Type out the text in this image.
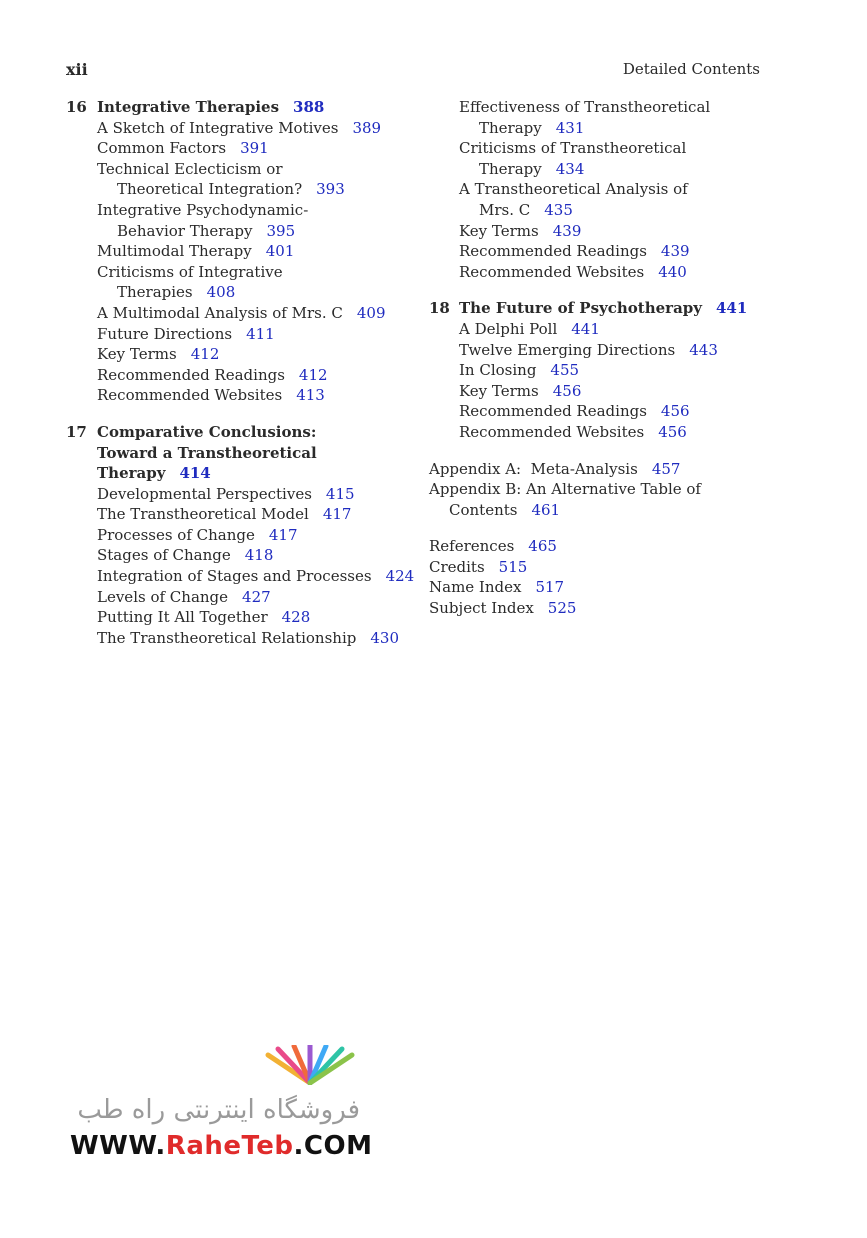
xii	Detailed Contents
16 Integrative Therapies 388
A Sketch of Integrative Motives 389
Common Factors 391
Technical Eclecticism or Theoretical Integration? 393
Integrative Psychodynamic-Behavior Therapy 395
Multimodal Therapy 401
Criticisms of Integrative Therapies 408
A Multimodal Analysis of Mrs. C 409
Future Directions 411
Key Terms 412
Recommended Readings 412
Recommended Websites 413
17 Comparative Conclusions: Toward a Transtheoretical Therapy 414
Developmental Perspectives 415
The Transtheoretical Model 417
Processes of Change 417
Stages of Change 418
Integration of Stages and Processes 424
Levels of Change 427
Putting It All Together 428
The Transtheoretical Relationship 430
Effectiveness of Transtheoretical Therapy 431
Criticisms of Transtheoretical Therapy 434
A Transtheoretical Analysis of Mrs. C 435
Key Terms 439
Recommended Readings 439
Recommended Websites 440
18 The Future of Psychotherapy 441
A Delphi Poll 441
Twelve Emerging Directions 443
In Closing 455
Key Terms 456
Recommended Readings 456
Recommended Websites 456
Appendix A:  Meta-Analysis 457
Appendix B: An Alternative Table of Contents 461
References 465
Credits 515
Name Index 517
Subject Index 525
فروشگاه اینترنتی راه طب
WWW.RaheTeb.COM
